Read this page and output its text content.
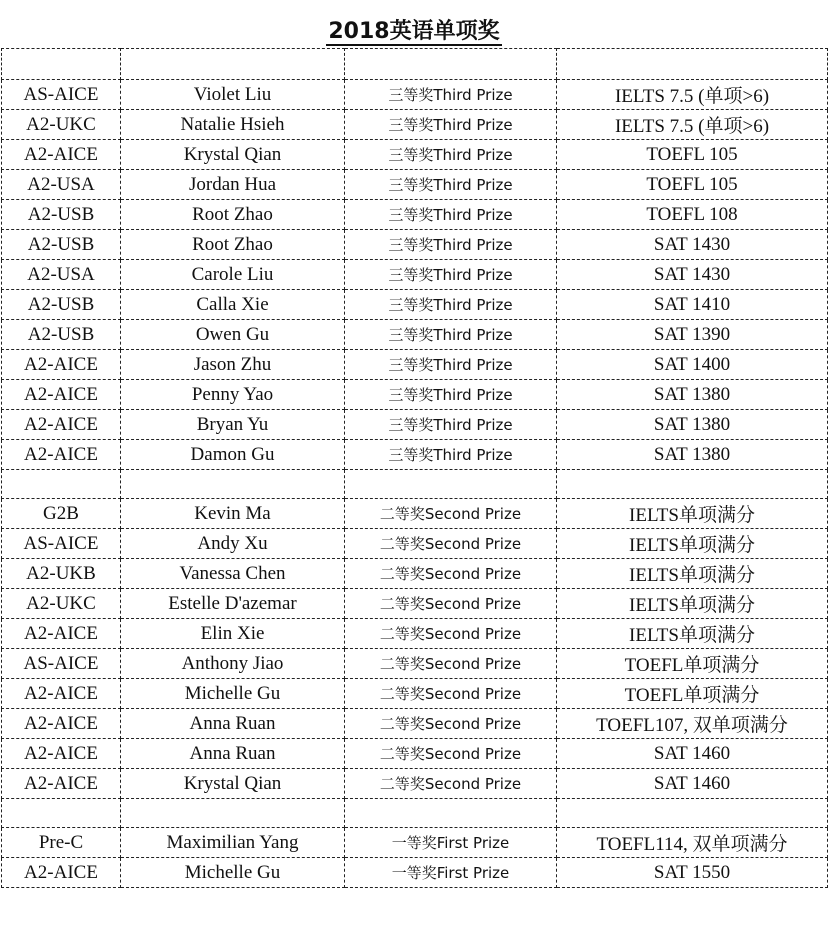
2018英语单项奖

AS-AICE	Violet Liu	三等奖Third Prize	IELTS 7.5 (单项>6)
A2-UKC	Natalie Hsieh	三等奖Third Prize	IELTS 7.5 (单项>6)
A2-AICE	Krystal Qian	三等奖Third Prize	TOEFL 105
A2-USA	Jordan Hua	三等奖Third Prize	TOEFL 105
A2-USB	Root Zhao	三等奖Third Prize	TOEFL 108
A2-USB	Root Zhao	三等奖Third Prize	SAT 1430
A2-USA	Carole Liu	三等奖Third Prize	SAT 1430
A2-USB	Calla Xie	三等奖Third Prize	SAT 1410
A2-USB	Owen Gu	三等奖Third Prize	SAT 1390
A2-AICE	Jason Zhu	三等奖Third Prize	SAT 1400
A2-AICE	Penny Yao	三等奖Third Prize	SAT 1380
A2-AICE	Bryan Yu	三等奖Third Prize	SAT 1380
A2-AICE	Damon Gu	三等奖Third Prize	SAT 1380

G2B	Kevin Ma	二等奖Second Prize	IELTS单项满分
AS-AICE	Andy Xu	二等奖Second Prize	IELTS单项满分
A2-UKB	Vanessa Chen	二等奖Second Prize	IELTS单项满分
A2-UKC	Estelle D'azemar	二等奖Second Prize	IELTS单项满分
A2-AICE	Elin Xie	二等奖Second Prize	IELTS单项满分
AS-AICE	Anthony Jiao	二等奖Second Prize	TOEFL单项满分
A2-AICE	Michelle Gu	二等奖Second Prize	TOEFL单项满分
A2-AICE	Anna Ruan	二等奖Second Prize	TOEFL107, 双单项满分
A2-AICE	Anna Ruan	二等奖Second Prize	SAT 1460
A2-AICE	Krystal Qian	二等奖Second Prize	SAT 1460

Pre-C	Maximilian Yang	一等奖First Prize	TOEFL114, 双单项满分
A2-AICE	Michelle Gu	一等奖First Prize	SAT 1550
